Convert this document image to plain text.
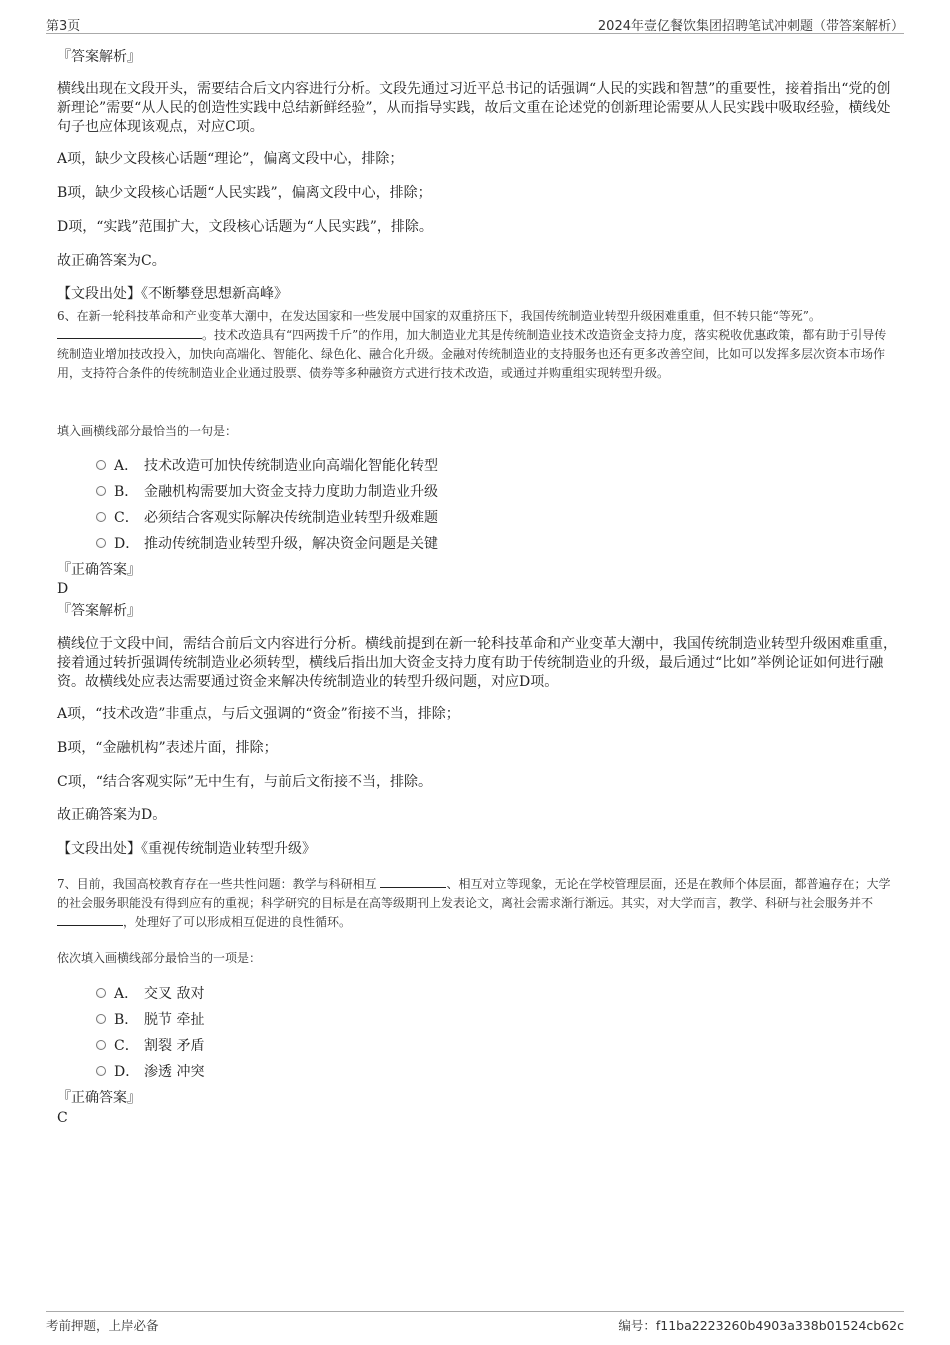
第3页	2024年壹亿餐饮集团招聘笔试冲刺题（带答案解析）
『答案解析』
横线出现在文段开头，需要结合后文内容进行分析。文段先通过习近平总书记的话强调“人民的实践和智慧”的重要性，接着指出“党的创新理论”需要“从人民的创造性实践中总结新鲜经验”，从而指导实践，故后文重在论述党的创新理论需要从人民实践中吸取经验，横线处句子也应体现该观点，对应C项。
A项，缺少文段核心话题“理论”，偏离文段中心，排除；
B项，缺少文段核心话题“人民实践”，偏离文段中心，排除；
D项，“实践”范围扩大，文段核心话题为“人民实践”，排除。
故正确答案为C。
【文段出处】《不断攀登思想新高峰》
6、在新一轮科技革命和产业变革大潮中，在发达国家和一些发展中国家的双重挤压下，我国传统制造业转型升级困难重重，但不转只能“等死”。 。技术改造具有“四两拨千斤”的作用，加大制造业尤其是传统制造业技术改造资金支持力度，落实税收优惠政策，都有助于引导传统制造业增加技改投入，加快向高端化、智能化、绿色化、融合化升级。金融对传统制造业的支持服务也还有更多改善空间，比如可以发挥多层次资本市场作用，支持符合条件的传统制造业企业通过股票、债券等多种融资方式进行技术改造，或通过并购重组实现转型升级。
填入画横线部分最恰当的一句是：
A． 技术改造可加快传统制造业向高端化智能化转型
B． 金融机构需要加大资金支持力度助力制造业升级
C． 必须结合客观实际解决传统制造业转型升级难题
D． 推动传统制造业转型升级，解决资金问题是关键
『正确答案』
D
『答案解析』
横线位于文段中间，需结合前后文内容进行分析。横线前提到在新一轮科技革命和产业变革大潮中，我国传统制造业转型升级困难重重，接着通过转折强调传统制造业必须转型，横线后指出加大资金支持力度有助于传统制造业的升级，最后通过“比如”举例论证如何进行融资。故横线处应表达需要通过资金来解决传统制造业的转型升级问题，对应D项。
A项，“技术改造”非重点，与后文强调的“资金”衔接不当，排除；
B项，“金融机构”表述片面，排除；
C项，“结合客观实际”无中生有，与前后文衔接不当，排除。
故正确答案为D。
【文段出处】《重视传统制造业转型升级》
7、目前，我国高校教育存在一些共性问题：教学与科研相互	、相互对立等现象，无论在学校管理层面，还是在教师个体层面，都普遍存在；大学的社会服务职能没有得到应有的重视；科学研究的目标是在高等级期刊上发表论文，离社会需求渐行渐远。其实，对大学而言，教学、科研与社会服务并不 ，处理好了可以形成相互促进的良性循环。
依次填入画横线部分最恰当的一项是：
A． 交叉 敌对
B． 脱节 牵扯
C． 割裂 矛盾
D． 渗透 冲突
『正确答案』
C
考前押题，上岸必备	编号：f11ba2223260b4903a338b01524cb62c
